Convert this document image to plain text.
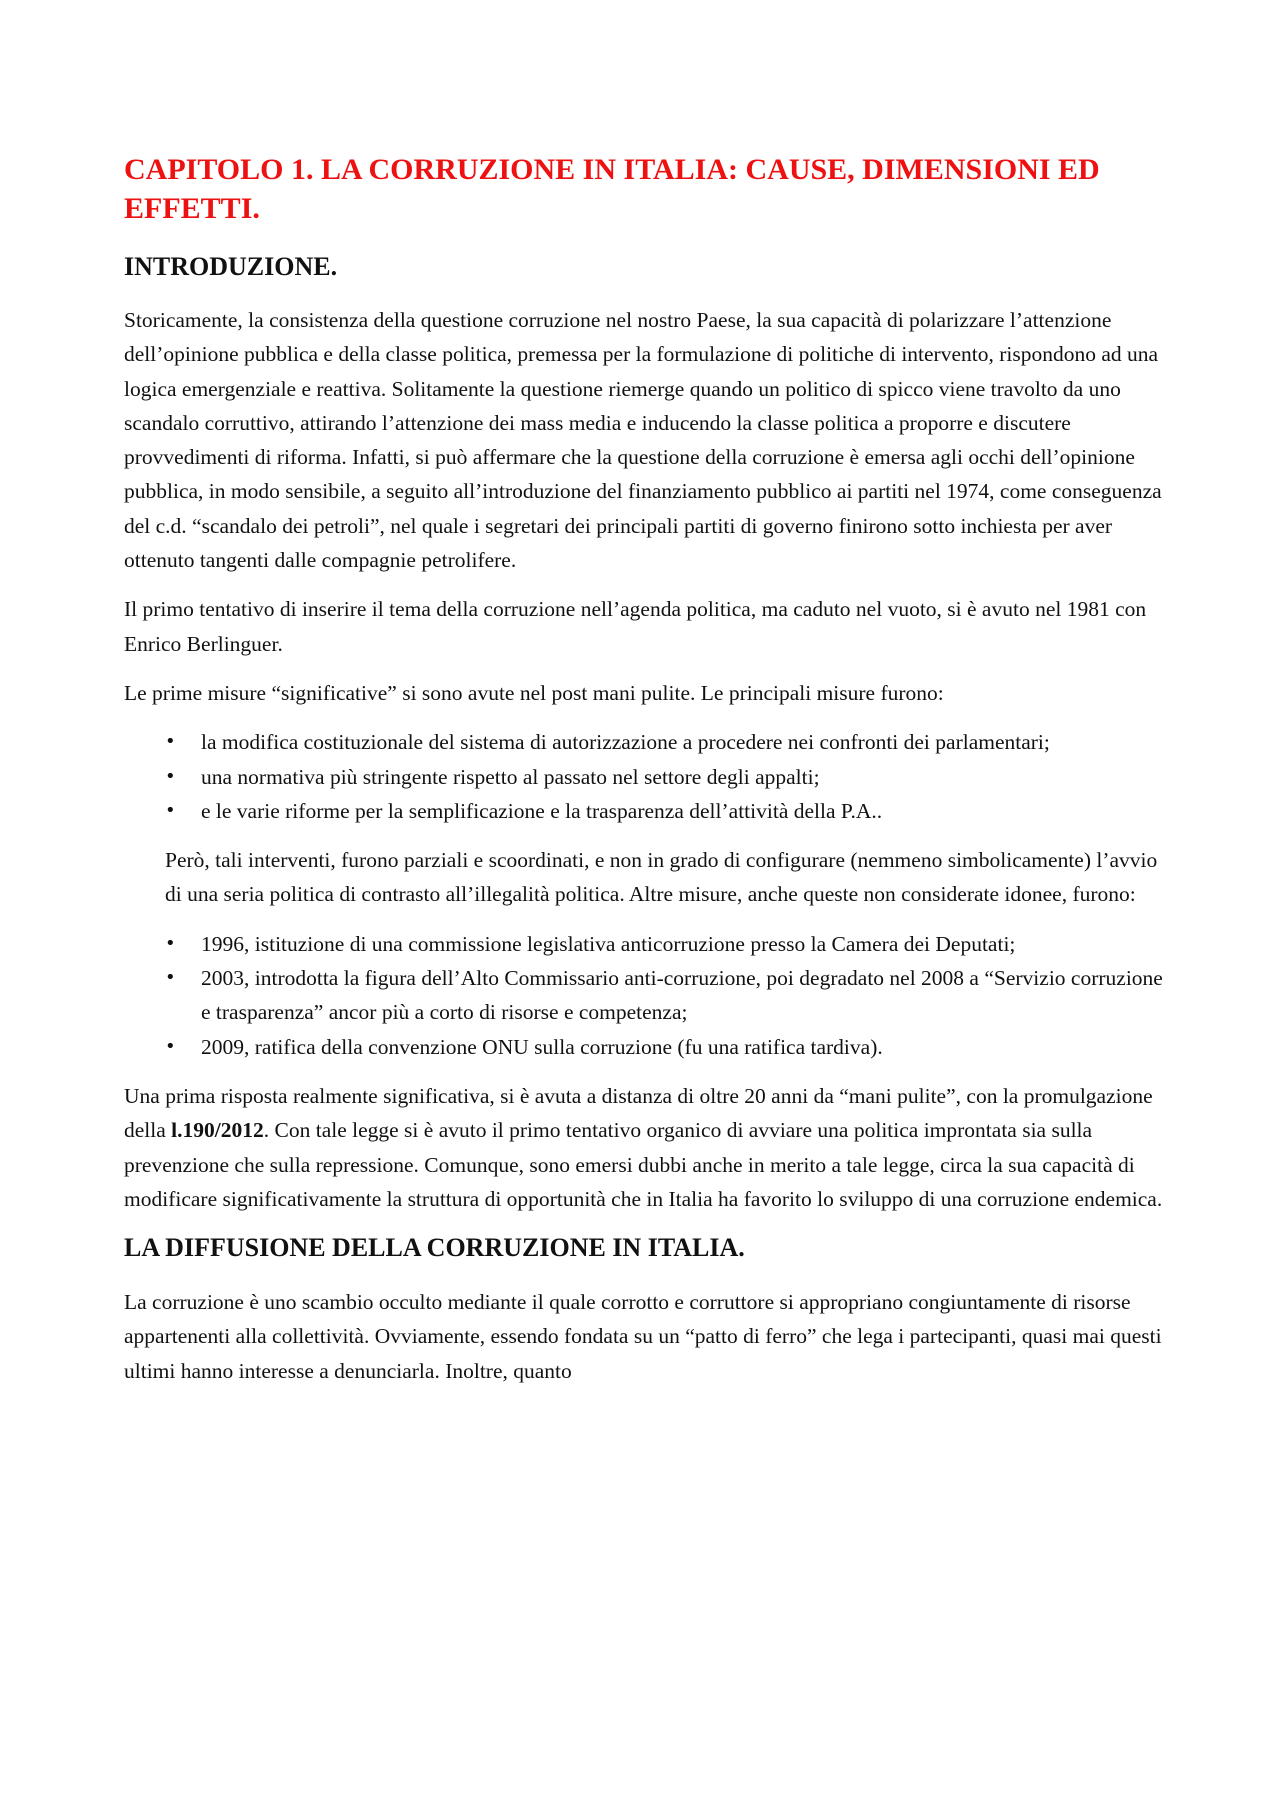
CAPITOLO 1. LA CORRUZIONE IN ITALIA: CAUSE, DIMENSIONI ED EFFETTI.
INTRODUZIONE.

Storicamente, la consistenza della questione corruzione nel nostro Paese, la sua capacità di polarizzare l’attenzione dell’opinione pubblica e della classe politica, premessa per la formulazione di politiche di intervento, rispondono ad una logica emergenziale e reattiva. Solitamente la questione riemerge quando un politico di spicco viene travolto da uno scandalo corruttivo, attirando l’attenzione dei mass media e inducendo la classe politica a proporre e discutere provvedimenti di riforma. Infatti, si può affermare che la questione della corruzione è emersa agli occhi dell’opinione pubblica, in modo sensibile, a seguito all’introduzione del finanziamento pubblico ai partiti nel 1974, come conseguenza del c.d. “scandalo dei petroli”, nel quale i segretari dei principali partiti di governo finirono sotto inchiesta per aver ottenuto tangenti dalle compagnie petrolifere.

Il primo tentativo di inserire il tema della corruzione nell’agenda politica, ma caduto nel vuoto, si è avuto nel 1981 con Enrico Berlinguer.

Le prime misure “significative” si sono avute nel post mani pulite. Le principali misure furono:

• la modifica costituzionale del sistema di autorizzazione a procedere nei confronti dei parlamentari;
• una normativa più stringente rispetto al passato nel settore degli appalti;
• e le varie riforme per la semplificazione e la trasparenza dell’attività della P.A..

Però, tali interventi, furono parziali e scoordinati, e non in grado di configurare (nemmeno simbolicamente) l’avvio di una seria politica di contrasto all’illegalità politica. Altre misure, anche queste non considerate idonee, furono:

• 1996, istituzione di una commissione legislativa anticorruzione presso la Camera dei Deputati;
• 2003, introdotta la figura dell’Alto Commissario anti-corruzione, poi degradato nel 2008 a “Servizio corruzione e trasparenza” ancor più a corto di risorse e competenza;
• 2009, ratifica della convenzione ONU sulla corruzione (fu una ratifica tardiva).

Una prima risposta realmente significativa, si è avuta a distanza di oltre 20 anni da “mani pulite”, con la promulgazione della l.190/2012. Con tale legge si è avuto il primo tentativo organico di avviare una politica improntata sia sulla prevenzione che sulla repressione. Comunque, sono emersi dubbi anche in merito a tale legge, circa la sua capacità di modificare significativamente la struttura di opportunità che in Italia ha favorito lo sviluppo di una corruzione endemica.

LA DIFFUSIONE DELLA CORRUZIONE IN ITALIA.

La corruzione è uno scambio occulto mediante il quale corrotto e corruttore si appropriano congiuntamente di risorse appartenenti alla collettività. Ovviamente, essendo fondata su un “patto di ferro” che lega i partecipanti, quasi mai questi ultimi hanno interesse a denunciarla. Inoltre, quanto
